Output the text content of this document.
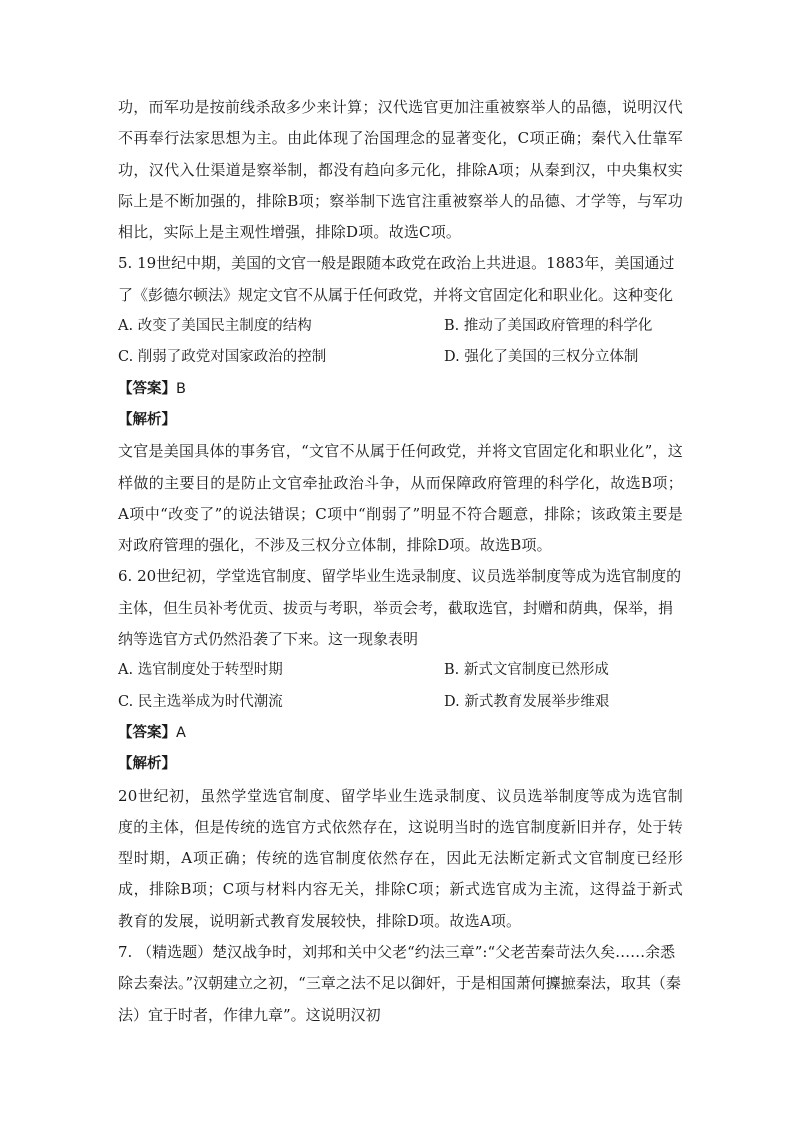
功，而军功是按前线杀敌多少来计算；汉代选官更加注重被察举人的品德，说明汉代不再奉行法家思想为主。由此体现了治国理念的显著变化，C项正确；秦代入仕靠军功，汉代入仕渠道是察举制，都没有趋向多元化，排除A项；从秦到汉，中央集权实际上是不断加强的，排除B项；察举制下选官注重被察举人的品德、才学等，与军功相比，实际上是主观性增强，排除D项。故选C项。

5. 19世纪中期，美国的文官一般是跟随本政党在政治上共进退。1883年，美国通过了《彭德尔顿法》规定文官不从属于任何政党，并将文官固定化和职业化。这种变化

A. 改变了美国民主制度的结构	B. 推动了美国政府管理的科学化
C. 削弱了政党对国家政治的控制	D. 强化了美国的三权分立体制

【答案】B

【解析】

文官是美国具体的事务官，“文官不从属于任何政党，并将文官固定化和职业化”，这样做的主要目的是防止文官牵扯政治斗争，从而保障政府管理的科学化，故选B项；A项中“改变了”的说法错误；C项中“削弱了”明显不符合题意，排除；该政策主要是对政府管理的强化，不涉及三权分立体制，排除D项。故选B项。

6. 20世纪初，学堂选官制度、留学毕业生选录制度、议员选举制度等成为选官制度的主体，但生员补考优贡、拔贡与考职，举贡会考，截取选官，封赠和荫典，保举，捐纳等选官方式仍然沿袭了下来。这一现象表明

A. 选官制度处于转型时期	B. 新式文官制度已然形成
C. 民主选举成为时代潮流	D. 新式教育发展举步维艰

【答案】A

【解析】

20世纪初，虽然学堂选官制度、留学毕业生选录制度、议员选举制度等成为选官制度的主体，但是传统的选官方式依然存在，这说明当时的选官制度新旧并存，处于转型时期，A项正确；传统的选官制度依然存在，因此无法断定新式文官制度已经形成，排除B项；C项与材料内容无关，排除C项；新式选官成为主流，这得益于新式教育的发展，说明新式教育发展较快，排除D项。故选A项。

7. （精选题）楚汉战争时，刘邦和关中父老“约法三章”:“父老苦秦苛法久矣……余悉除去秦法。”汉朝建立之初，“三章之法不足以御奸，于是相国萧何攈摭秦法，取其（秦法）宜于时者，作律九章”。这说明汉初
